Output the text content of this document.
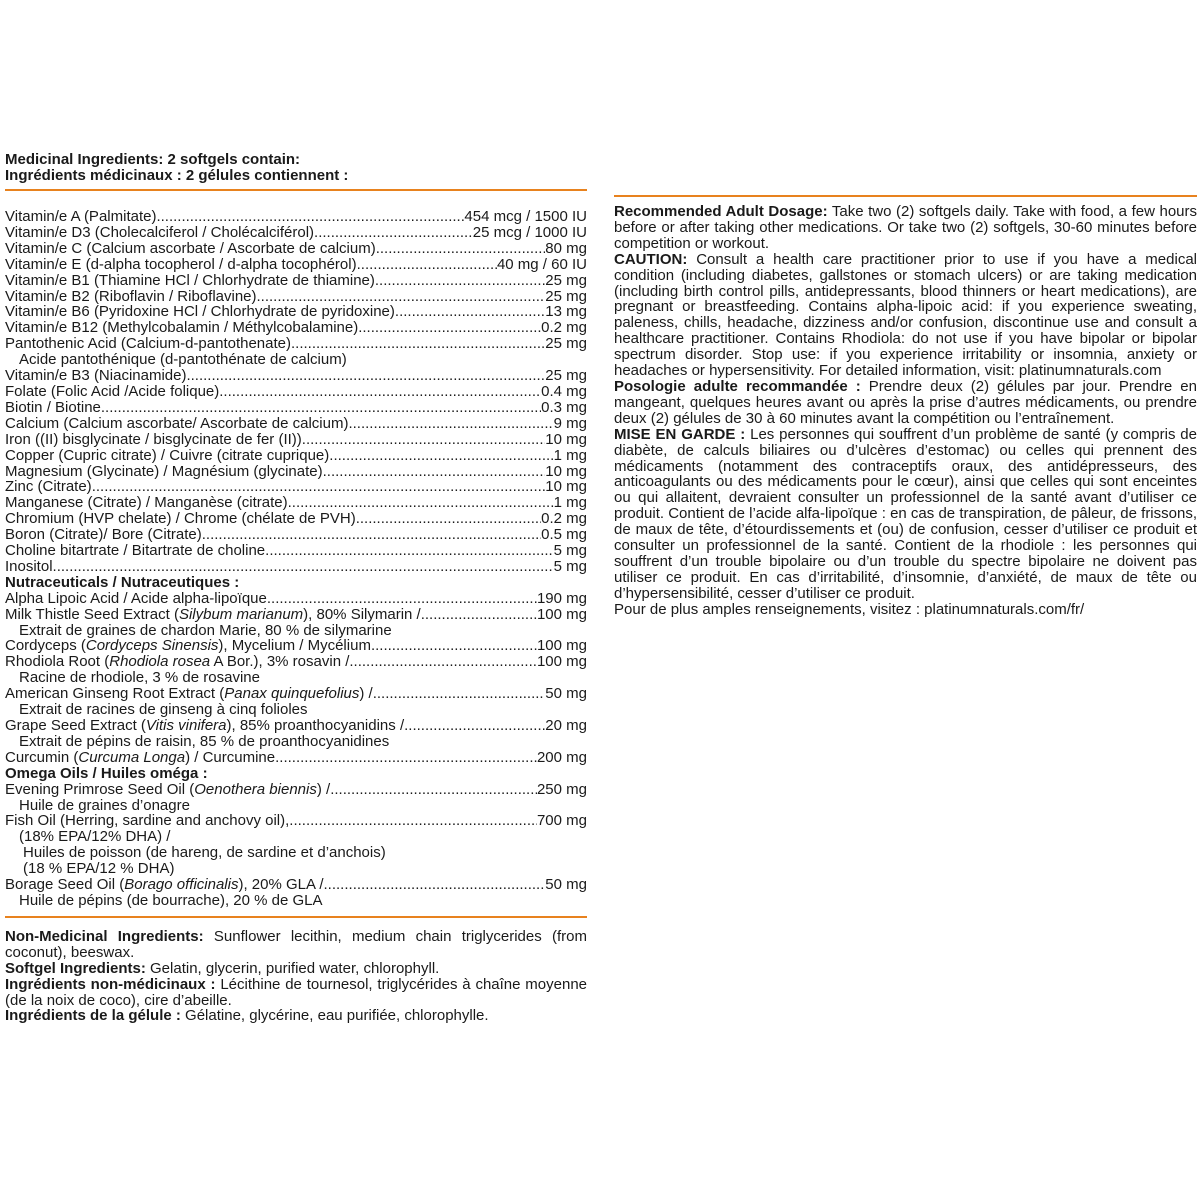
Medicinal Ingredients: 2 softgels contain:
Ingrédients médicinaux : 2 gélules contiennent :
Vitamin/e A (Palmitate) .....	454 mcg / 1500 IU
Vitamin/e D3 (Cholecalciferol / Cholécalciférol) .....	25 mcg / 1000 IU
Vitamin/e C (Calcium ascorbate / Ascorbate de calcium) .....	80 mg
Vitamin/e E (d-alpha tocopherol / d-alpha tocophérol) .....	40 mg / 60 IU
Vitamin/e B1 (Thiamine HCl / Chlorhydrate de thiamine) .....	25 mg
Vitamin/e B2 (Riboflavin / Riboflavine) .....	25 mg
Vitamin/e B6 (Pyridoxine HCl / Chlorhydrate de pyridoxine) .....	13 mg
Vitamin/e B12 (Methylcobalamin / Méthylcobalamine) .....	0.2 mg
Pantothenic Acid (Calcium-d-pantothenate) .....	25 mg
Acide pantothénique (d-pantothénate de calcium)
Vitamin/e B3 (Niacinamide) .....	25 mg
Folate (Folic Acid /Acide folique) .....	0.4 mg
Biotin / Biotine .....	0.3 mg
Calcium (Calcium ascorbate/ Ascorbate de calcium) .....	9 mg
Iron ((II) bisglycinate / bisglycinate de fer (II)) .....	10 mg
Copper (Cupric citrate) / Cuivre (citrate cuprique) .....	1 mg
Magnesium (Glycinate) / Magnésium (glycinate) .....	10 mg
Zinc (Citrate) .....	10 mg
Manganese (Citrate) / Manganèse (citrate) .....	1 mg
Chromium (HVP chelate) / Chrome (chélate de PVH) .....	0.2 mg
Boron (Citrate)/ Bore (Citrate) .....	0.5 mg
Choline bitartrate / Bitartrate de choline .....	5 mg
Inositol .....	5 mg
Nutraceuticals / Nutraceutiques :
Alpha Lipoic Acid / Acide alpha-lipoïque .....	190 mg
Milk Thistle Seed Extract (Silybum marianum), 80% Silymarin / .....	100 mg
Extrait de graines de chardon Marie, 80 % de silymarine
Cordyceps (Cordyceps Sinensis), Mycelium / Mycélium .....	100 mg
Rhodiola Root (Rhodiola rosea A Bor.), 3% rosavin / .....	100 mg
Racine de rhodiole, 3 % de rosavine
American Ginseng Root Extract (Panax quinquefolius) / .....	50 mg
Extrait de racines de ginseng à cinq folioles
Grape Seed Extract (Vitis vinifera), 85% proanthocyanidins / .....	20 mg
Extrait de pépins de raisin, 85 % de proanthocyanidines
Curcumin (Curcuma Longa) / Curcumine .....	200 mg
Omega Oils / Huiles oméga :
Evening Primrose Seed Oil (Oenothera biennis) / .....	250 mg
Huile de graines d’onagre
Fish Oil (Herring, sardine and anchovy oil), .....	700 mg
(18% EPA/12% DHA) /
Huiles de poisson (de hareng, de sardine et d’anchois)
(18 % EPA/12 % DHA)
Borage Seed Oil (Borago officinalis), 20% GLA / .....	50 mg
Huile de pépins (de bourrache), 20 % de GLA

Non-Medicinal Ingredients: Sunflower lecithin, medium chain triglycerides (from coconut), beeswax.

Softgel Ingredients: Gelatin, glycerin, purified water, chlorophyll.

Ingrédients non-médicinaux : Lécithine de tournesol, triglycérides à chaîne moyenne (de la noix de coco), cire d’abeille.

Ingrédients de la gélule : Gélatine, glycérine, eau purifiée, chlorophylle.

Recommended Adult Dosage: Take two (2) softgels daily. Take with food, a few hours before or after taking other medications. Or take two (2) softgels, 30-60 minutes before competition or workout.

CAUTION: Consult a health care practitioner prior to use if you have a medical condition (including diabetes, gallstones or stomach ulcers) or are taking medication (including birth control pills, antidepressants, blood thinners or heart medications), are pregnant or breastfeeding. Contains alpha-lipoic acid: if you experience sweating, paleness, chills, headache, dizziness and/or confusion, discontinue use and consult a healthcare practitioner. Contains Rhodiola: do not use if you have bipolar or bipolar spectrum disorder. Stop use: if you experience irritability or insomnia, anxiety or headaches or hypersensitivity. For detailed information, visit: platinumnaturals.com

Posologie adulte recommandée : Prendre deux (2) gélules par jour. Prendre en mangeant, quelques heures avant ou après la prise d’autres médicaments, ou prendre deux (2) gélules de 30 à 60 minutes avant la compétition ou l’entraînement.

MISE EN GARDE : Les personnes qui souffrent d’un problème de santé (y compris de diabète, de calculs biliaires ou d’ulcères d’estomac) ou celles qui prennent des médicaments (notamment des contraceptifs oraux, des antidépresseurs, des anticoagulants ou des médicaments pour le cœur), ainsi que celles qui sont enceintes ou qui allaitent, devraient consulter un professionnel de la santé avant d’utiliser ce produit. Contient de l’acide alfa-lipoïque : en cas de transpiration, de pâleur, de frissons, de maux de tête, d’étourdissements et (ou) de confusion, cesser d’utiliser ce produit et consulter un professionnel de la santé. Contient de la rhodiole : les personnes qui souffrent d’un trouble bipolaire ou d’un trouble du spectre bipolaire ne doivent pas utiliser ce produit. En cas d’irritabilité, d’insomnie, d’anxiété, de maux de tête ou d’hypersensibilité, cesser d’utiliser ce produit.

Pour de plus amples renseignements, visitez : platinumnaturals.com/fr/
